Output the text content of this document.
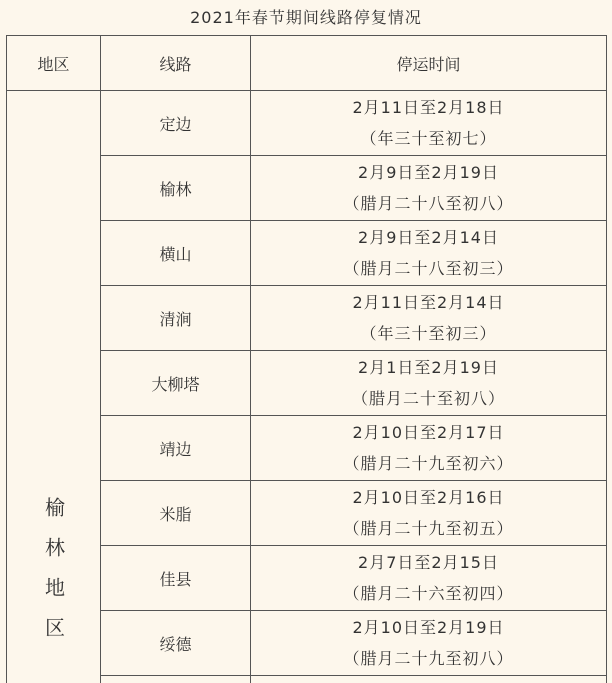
2021年春节期间线路停复情况
地区	线路	停运时间
榆林地区	定边	2月11日至2月18日
（年三十至初七）

	榆林	2月9日至2月19日
（腊月二十八至初八）

	横山	2月9日至2月14日
（腊月二十八至初三）

	清涧	2月11日至2月14日
（年三十至初三）

	大柳塔	2月1日至2月19日
（腊月二十至初八）

	靖边	2月10日至2月17日
（腊月二十九至初六）

	米脂	2月10日至2月16日
（腊月二十九至初五）

	佳县	2月7日至2月15日
（腊月二十六至初四）

	绥德	2月10日至2月19日
（腊月二十九至初八）
